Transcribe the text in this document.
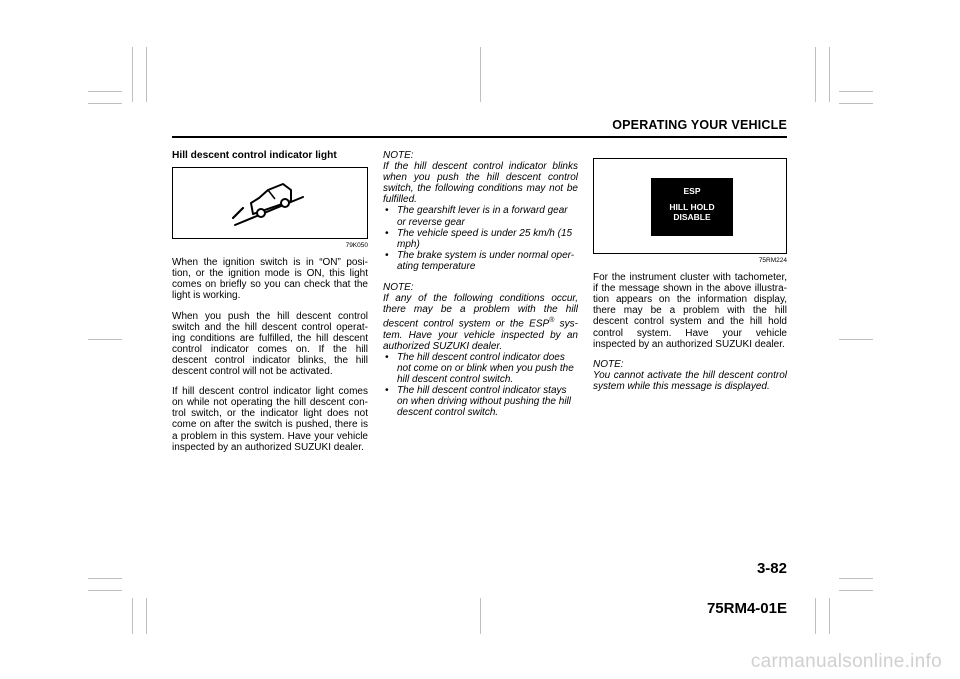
OPERATING YOUR VEHICLE
Hill descent control indicator light
79K050

When the ignition switch is in “ON” posi-tion, or the ignition mode is ON, this light comes on briefly so you can check that the light is working.

When you push the hill descent control switch and the hill descent control operat-ing conditions are fulfilled, the hill descent control indicator comes on. If the hill descent control indicator blinks, the hill descent control will not be activated.

If hill descent control indicator light comes on while not operating the hill descent con-trol switch, or the indicator light does not come on after the switch is pushed, there is a problem in this system. Have your vehicle inspected by an authorized SUZUKI dealer.

NOTE:
If the hill descent control indicator blinks when you push the hill descent control switch, the following conditions may not be fulfilled.
• The gearshift lever is in a forward gear or reverse gear
• The vehicle speed is under 25 km/h (15 mph)
• The brake system is under normal oper-ating temperature
NOTE:
If any of the following conditions occur, there may be a problem with the hill descent control system or the ESP® sys-tem. Have your vehicle inspected by an authorized SUZUKI dealer.
• The hill descent control indicator does not come on or blink when you push the hill descent control switch.
• The hill descent control indicator stays on when driving without pushing the hill descent control switch.
ESP
HILL HOLD
DISABLE
75RM224

For the instrument cluster with tachometer, if the message shown in the above illustra-tion appears on the information display, there may be a problem with the hill descent control system and the hill hold control system. Have your vehicle inspected by an authorized SUZUKI dealer.

NOTE:
You cannot activate the hill descent control system while this message is displayed.
3-82
75RM4-01E
carmanualsonline.info
